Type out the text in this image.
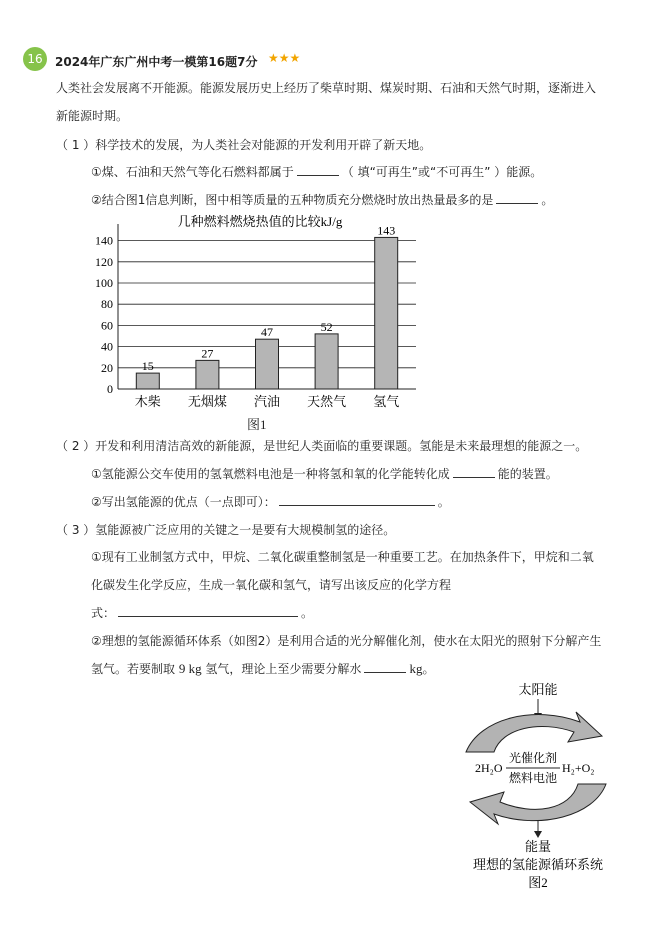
16	2024年广东广州中考一模第16题7分 ★★★
人类社会发展离不开能源。能源发展历史上经历了柴草时期、煤炭时期、石油和天然气时期，逐渐进入
新能源时期。
（ 1 ）科学技术的发展，为人类社会对能源的开发利用开辟了新天地。
①煤、石油和天然气等化石燃料都属于	（ 填“可再生”或“不可再生” ）能源。
②结合图1信息判断，图中相等质量的五种物质充分燃烧时放出热量最多的是	。
几种燃料燃烧热值的比较kJ/g
0
20
40
60
80
100
120
140
15
27
47	52
143
木柴 无烟煤 汽油 天然气 氢气
图1
（ 2 ）开发和利用清洁高效的新能源，是世纪人类面临的重要课题。氢能是未来最理想的能源之一。
①氢能源公交车使用的氢氧燃料电池是一种将氢和氧的化学能转化成	能的装置。
②写出氢能源的优点（一点即可）：	。
（ 3 ）氢能源被广泛应用的关键之一是要有大规模制氢的途径。
①现有工业制氢方式中，甲烷、二氧化碳重整制氢是一种重要工艺。在加热条件下，甲烷和二氧
化碳发生化学反应，生成一氧化碳和氢气，请写出该反应的化学方程
式：	。
②理想的氢能源循环体系（如图2）是利用合适的光分解催化剂，使水在太阳光的照射下分解产生
氢气。若要制取 9 kg 氢气，理论上至少需要分解水	kg。
太阳能
2H₂O
光催化剂
燃料电池
H₂+O₂
能量
理想的氢能源循环系统
图2
